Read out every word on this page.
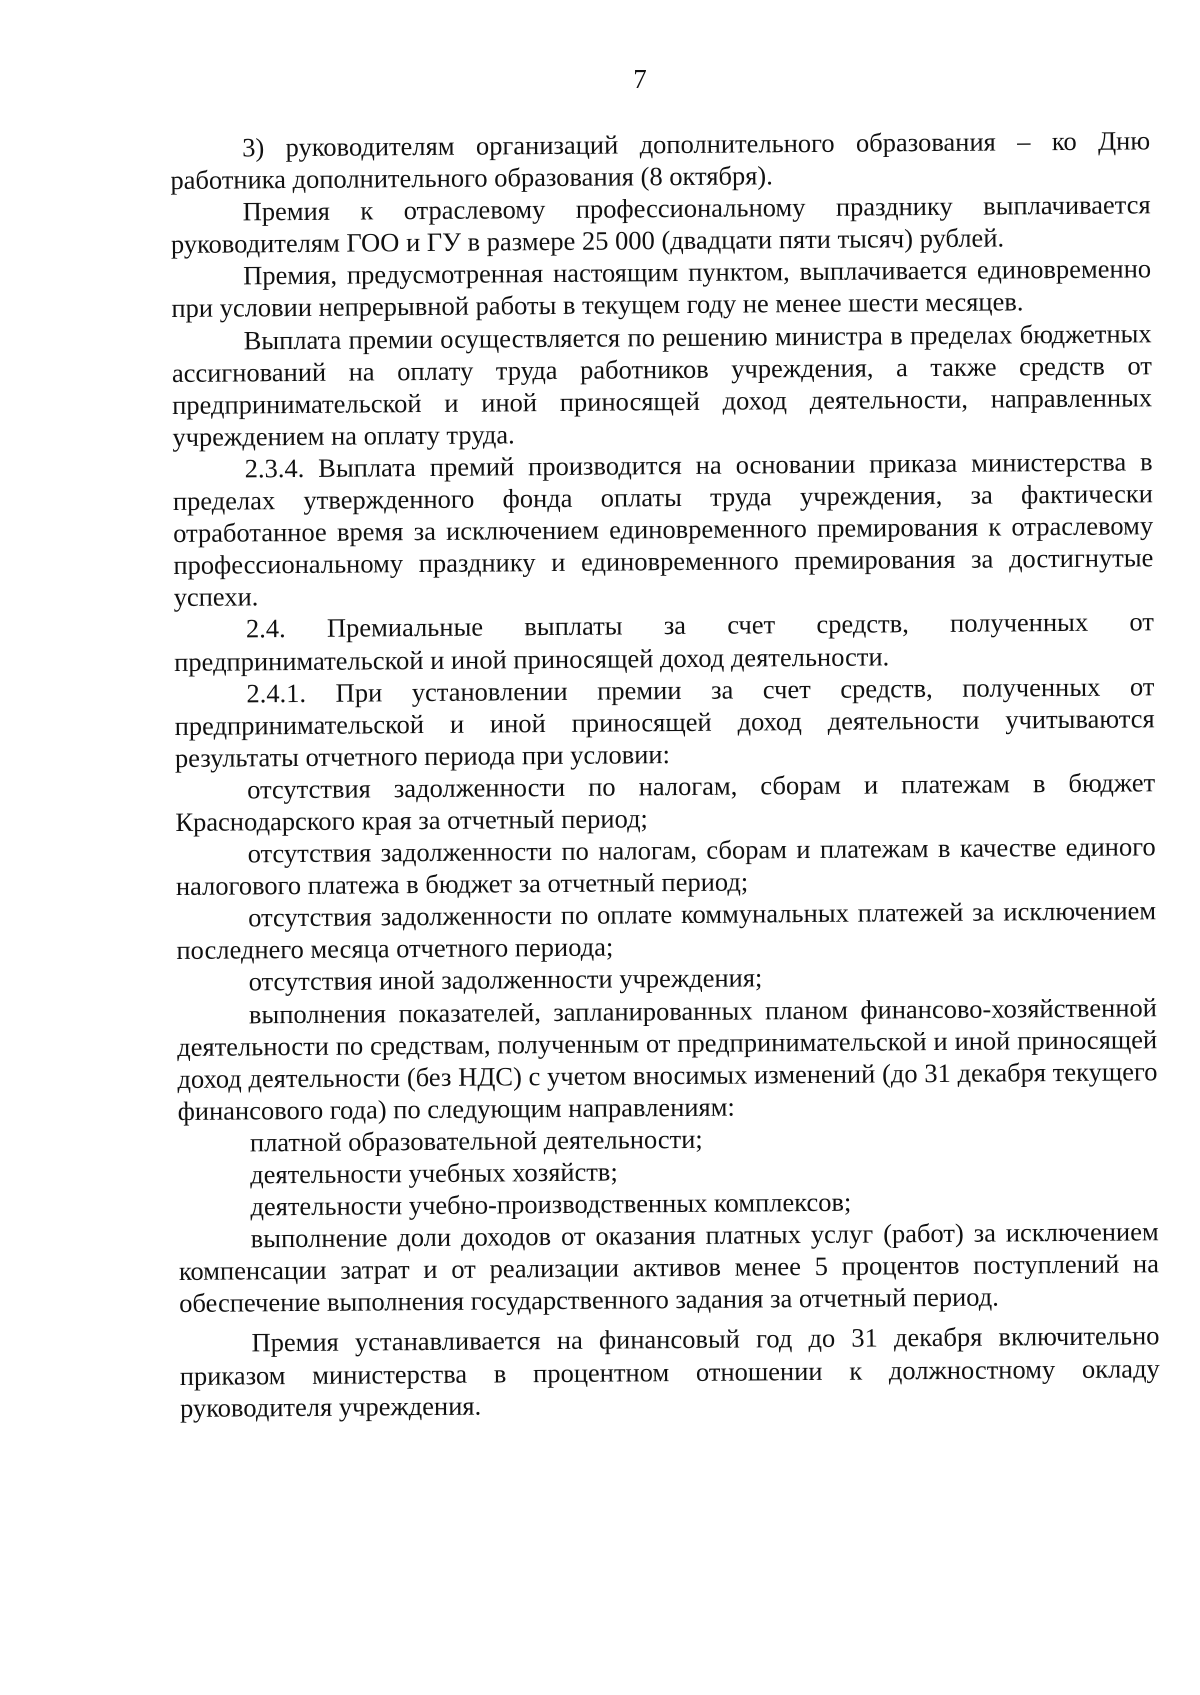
7

3) руководителям организаций дополнительного образования – ко Дню работника дополнительного образования (8 октября).

Премия к отраслевому профессиональному празднику выплачивается руководителям ГОО и ГУ в размере 25 000 (двадцати пяти тысяч) рублей.

Премия, предусмотренная настоящим пунктом, выплачивается единовременно при условии непрерывной работы в текущем году не менее шести месяцев.

Выплата премии осуществляется по решению министра в пределах бюджетных ассигнований на оплату труда работников учреждения, а также средств от предпринимательской и иной приносящей доход деятельности, направленных учреждением на оплату труда.

2.3.4. Выплата премий производится на основании приказа министерства в пределах утвержденного фонда оплаты труда учреждения, за фактически отработанное время за исключением единовременного премирования к отраслевому профессиональному празднику и единовременного премирования за достигнутые успехи.

2.4. Премиальные выплаты за счет средств, полученных от предпринимательской и иной приносящей доход деятельности.

2.4.1. При установлении премии за счет средств, полученных от предпринимательской и иной приносящей доход деятельности учитываются результаты отчетного периода при условии:

отсутствия задолженности по налогам, сборам и платежам в бюджет Краснодарского края за отчетный период;

отсутствия задолженности по налогам, сборам и платежам в качестве единого налогового платежа в бюджет за отчетный период;

отсутствия задолженности по оплате коммунальных платежей за исключением последнего месяца отчетного периода;

отсутствия иной задолженности учреждения;

выполнения показателей, запланированных планом финансово-хозяйственной деятельности по средствам, полученным от предпринимательской и иной приносящей доход деятельности (без НДС) с учетом вносимых изменений (до 31 декабря текущего финансового года) по следующим направлениям:

платной образовательной деятельности;

деятельности учебных хозяйств;

деятельности учебно-производственных комплексов;

выполнение доли доходов от оказания платных услуг (работ) за исключением компенсации затрат и от реализации активов менее 5 процентов поступлений на обеспечение выполнения государственного задания за отчетный период.

Премия устанавливается на финансовый год до 31 декабря включительно приказом министерства в процентном отношении к должностному окладу руководителя учреждения.
